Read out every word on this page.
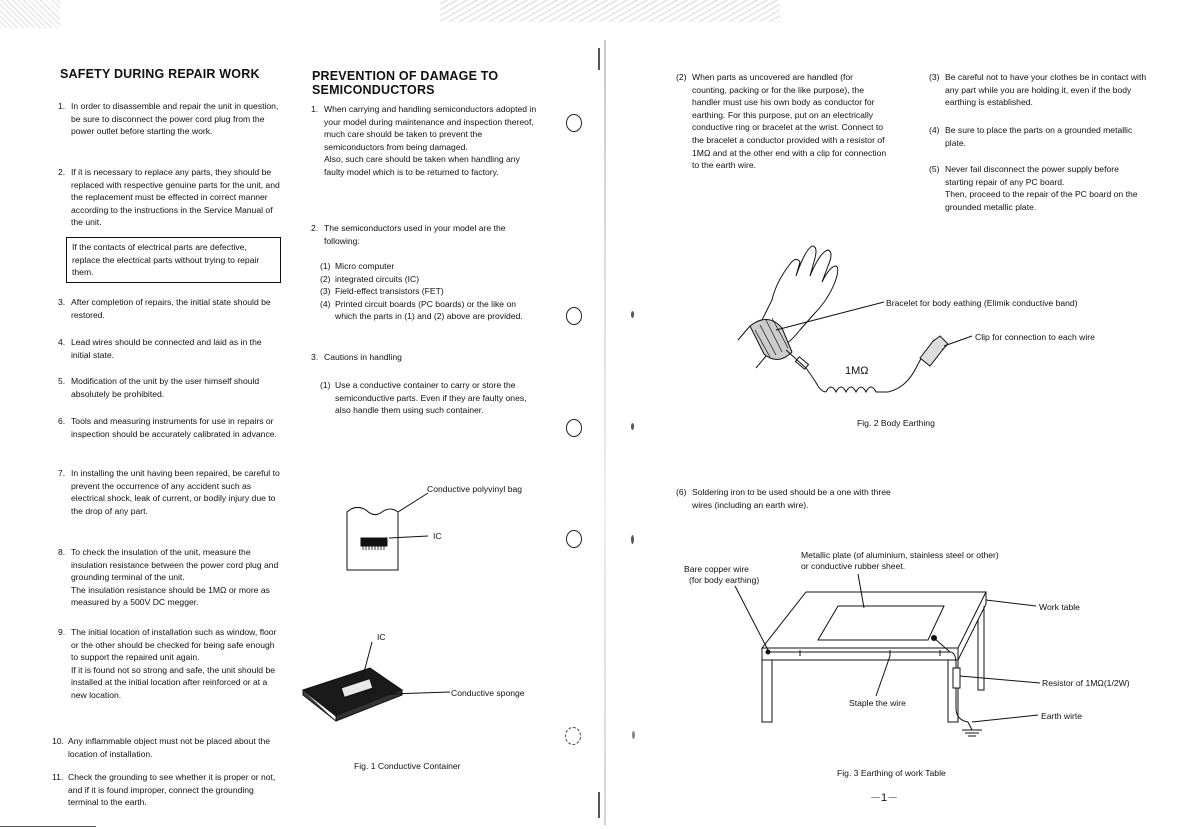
SAFETY DURING REPAIR WORK
1. In order to disassemble and repair the unit in question, be sure to disconnect the power cord plug from the power outlet before starting the work.
2. If it is necessary to replace any parts, they should be replaced with respective genuine parts for the unit, and the replacement must be effected in correct manner according to the instructions in the Service Manual of the unit.
If the contacts of electrical parts are defective, replace the electrical parts without trying to repair them.
3. After completion of repairs, the initial state should be restored.
4. Lead wires should be connected and laid as in the initial state.
5. Modification of the unit by the user himself should absolutely be prohibited.
6. Tools and measuring instruments for use in repairs or inspection should be accurately calibrated in advance.
7. In installing the unit having been repaired, be careful to prevent the occurrence of any accident such as electrical shock, leak of current, or bodily injury due to the drop of any part.
8. To check the insulation of the unit, measure the insulation resistance between the power cord plug and grounding terminal of the unit.
The insulation resistance should be 1MΩ or more as measured by a 500V DC megger.
9. The initial location of installation such as window, floor or the other should be checked for being safe enough to support the repaired unit again.
If it is found not so strong and safe, the unit should be installed at the initial location after reinforced or at a new location.
10. Any inflammable object must not be placed about the location of installation.
11. Check the grounding to see whether it is proper or not, and if it is found improper, connect the grounding terminal to the earth.
PREVENTION OF DAMAGE TO
SEMICONDUCTORS
1. When carrying and handling semiconductors adopted in your model during maintenance and inspection thereof, much care should be taken to prevent the semiconductors from being damaged.
Also, such care should be taken when handling any faulty model which is to be returned to factory.
2. The semiconductors used in your model are the following:
(1) Micro computer
(2) integrated circuits (IC)
(3) Field-effect transistors (FET)
(4) Printed circuit boards (PC boards) or the like on which the parts in (1) and (2) above are provided.
3. Cautions in handling
(1) Use a conductive container to carry or store the semiconductive parts. Even if they are faulty ones, also handle them using such container.
Conductive polyvinyl bag
IC
IC
Conductive sponge
Fig. 1 Conductive Container
(2) When parts as uncovered are handled (for counting, packing or for the like purpose), the handler must use his own body as conductor for earthing. For this purpose, put on an electrically conductive ring or bracelet at the wrist. Connect to the bracelet a conductor provided with a resistor of 1MΩ and at the other end with a clip for connection to the earth wire.
(3) Be careful not to have your clothes be in contact with any part while you are holding it, even if the body earthing is established.
(4) Be sure to place the parts on a grounded metallic plate.
(5) Never fail disconnect the power supply before starting repair of any PC board.
Then, proceed to the repair of the PC board on the grounded metallic plate.
Bracelet for body eathing (Elimik conductive band)
Clip for connection to each wire
1MΩ
Fig. 2 Body Earthing
(6) Soldering iron to be used should be a one with three wires (including an earth wire).
Metallic plate (of aluminium, stainless steel or other)
or conductive rubber sheet.
Bare copper wire
(for body earthing)
Work table
Resistor of 1MΩ(1/2W)
Staple the wire
Earth wirte
Fig. 3 Earthing of work Table
－1－
